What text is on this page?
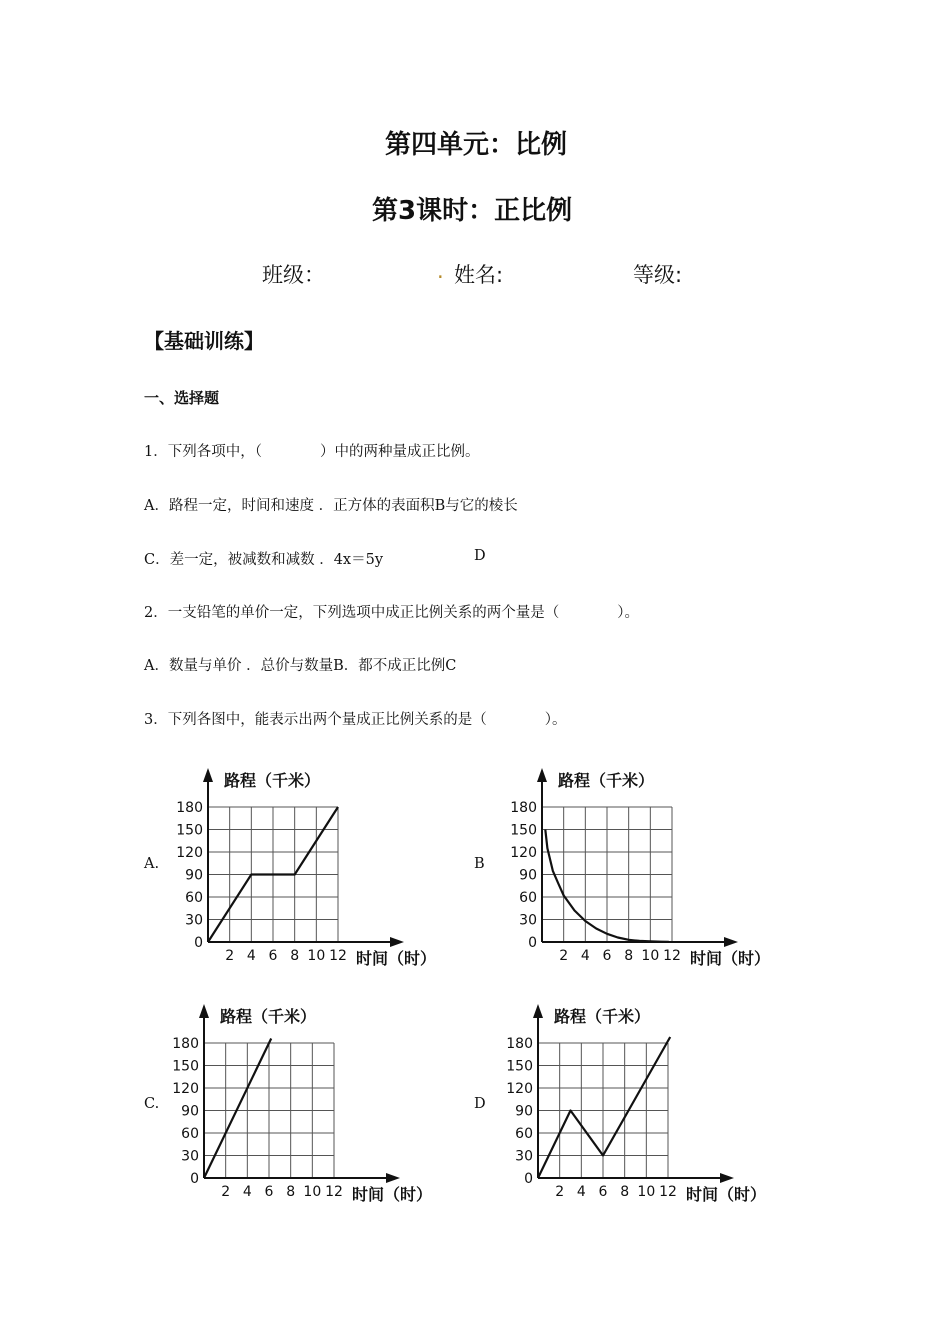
第四单元：比例
第3课时：正比例
班级：	. 姓名:	等级:
【基础训练】
一、选择题
1．下列各项中，（　　　　）中的两种量成正比例。
A．路程一定，时间和速度 ．正方体的表面积B与它的棱长
C．差一定，被减数和减数 ．4x＝5y	D
2．一支铅笔的单价一定，下列选项中成正比例关系的两个量是（　　　　）。
A．数量与单价 ．总价与数量B．都不成正比例C
3．下列各图中，能表示出两个量成正比例关系的是（　　　　）。
A.	B
C.	D
0
30
60
90
120
150
180
2 4 6 8 10 12
路程（千米）
时间（时）
0
30
60
90
120
150
180
2 4 6 8 10 12
路程（千米）
时间（时）
0
30
60
90
120
150
180
2 4 6 8 10 12
路程（千米）
时间（时）
0
30
60
90
120
150
180
2 4 6 8 10 12
路程（千米）
时间（时）
